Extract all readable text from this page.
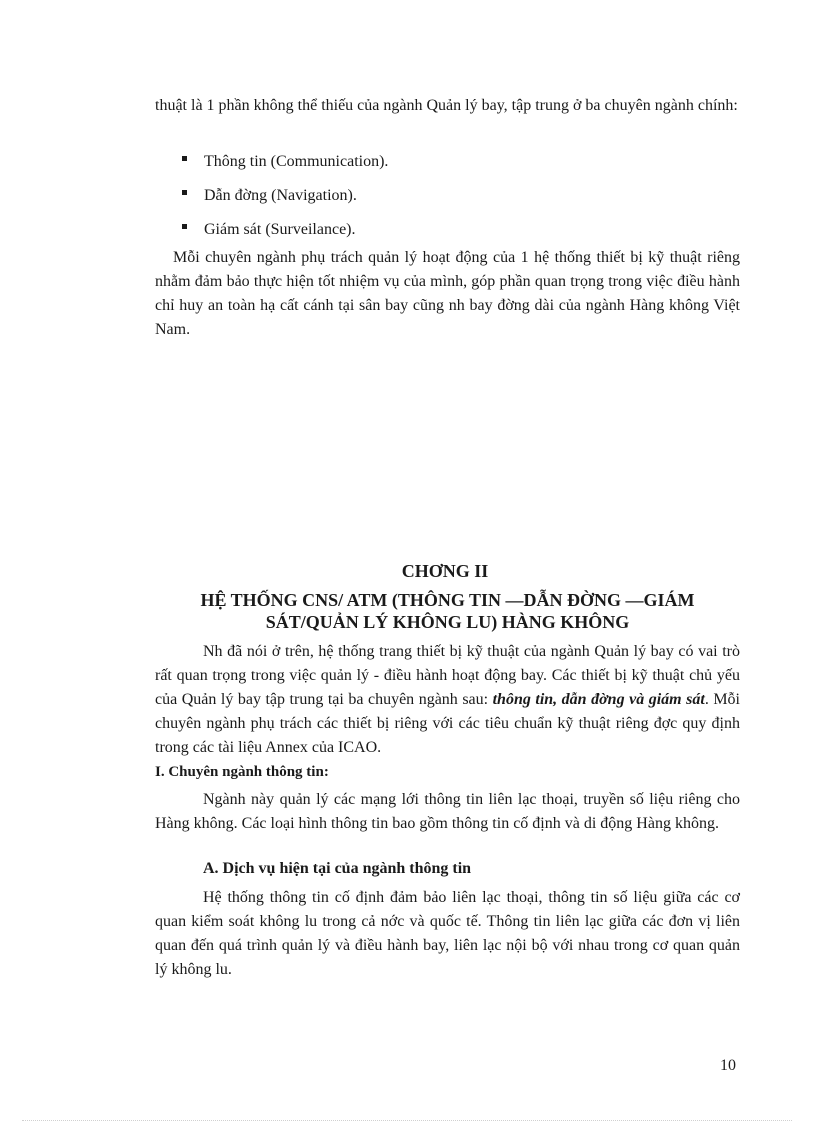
thuật là 1 phần không thể thiếu của ngành Quản lý bay, tập trung ở ba chuyên ngành chính:

Thông tin (Communication).
Dẫn đờng (Navigation).
Giám sát (Surveilance).

Mỗi chuyên ngành phụ trách quản lý hoạt động của 1 hệ thống thiết bị kỹ thuật riêng nhằm đảm bảo thực hiện tốt nhiệm vụ của mình, góp phần quan trọng trong việc điều hành chỉ huy an toàn hạ cất cánh tại sân bay cũng nh bay đờng dài của ngành Hàng không Việt Nam.

CHƠNG II
HỆ THỐNG CNS/ ATM (THÔNG TIN —DẪN ĐỜNG —GIÁM SÁT/QUẢN LÝ KHÔNG LU) HÀNG KHÔNG

Nh đã nói ở trên, hệ thống trang thiết bị kỹ thuật của ngành Quản lý bay có vai trò rất quan trọng trong việc quản lý - điều hành hoạt động bay. Các thiết bị kỹ thuật chủ yếu của Quản lý bay tập trung tại ba chuyên ngành sau: thông tin, dẫn đờng và giám sát. Mỗi chuyên ngành phụ trách các thiết bị riêng với các tiêu chuẩn kỹ thuật riêng đợc quy định trong các tài liệu Annex của ICAO.

I. Chuyên ngành thông tin:

Ngành này quản lý các mạng lới thông tin liên lạc thoại, truyền số liệu riêng cho Hàng không. Các loại hình thông tin bao gồm thông tin cố định và di động Hàng không.

A. Dịch vụ hiện tại của ngành thông tin

Hệ thống thông tin cố định đảm bảo liên lạc thoại, thông tin số liệu giữa các cơ quan kiểm soát không lu trong cả nớc và quốc tế. Thông tin liên lạc giữa các đơn vị liên quan đến quá trình quản lý và điều hành bay, liên lạc nội bộ với nhau trong cơ quan quản lý không lu.

10
